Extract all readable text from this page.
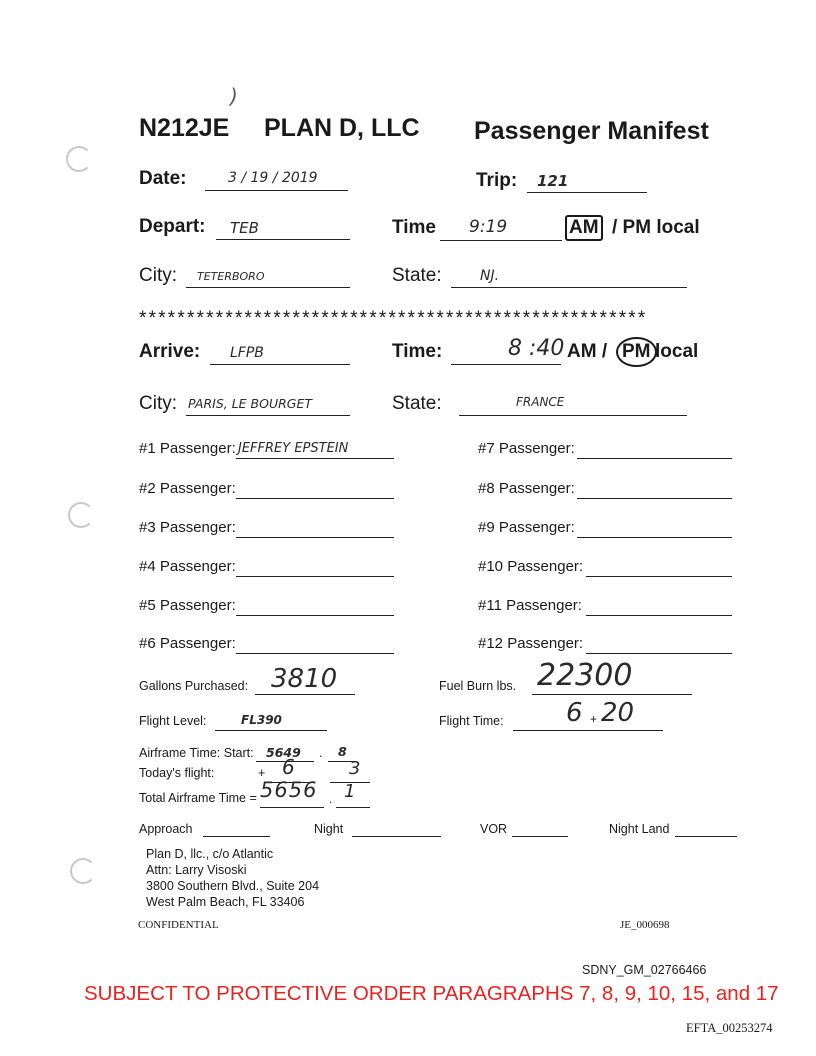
)
N212JE PLAN D, LLC Passenger Manifest
Date:	3 / 19 / 2019	Trip: 121
Depart: TEB	Time 9:19	AM / PM local
City: TETERBORO	State:	NJ.
*****************************************************
Arrive: LFPB	Time:	8 :40 AM / PM local
City: PARIS, LE BOURGET	State:	FRANCE
#1 Passenger: JEFFREY EPSTEIN
#2 Passenger:
#3 Passenger:
#4 Passenger:
#5 Passenger:
#6 Passenger:
#7 Passenger:
#8 Passenger:
#9 Passenger:
#10 Passenger:
#11 Passenger:
#12 Passenger:
Gallons Purchased: 3810	Fuel Burn lbs. 22300
Flight Level:	FL390	Flight Time: 6 + 20
Airframe Time: Start: 5649 . 8
Today's flight:	+ 6	3
Total Airframe Time = 5656 . 1
Approach	Night	VOR	Night Land
Plan D, llc., c/o Atlantic
Attn: Larry Visoski
3800 Southern Blvd., Suite 204
West Palm Beach, FL 33406
CONFIDENTIAL	JE_000698
SDNY_GM_02766466
SUBJECT TO PROTECTIVE ORDER PARAGRAPHS 7, 8, 9, 10, 15, and 17
EFTA_00253274
